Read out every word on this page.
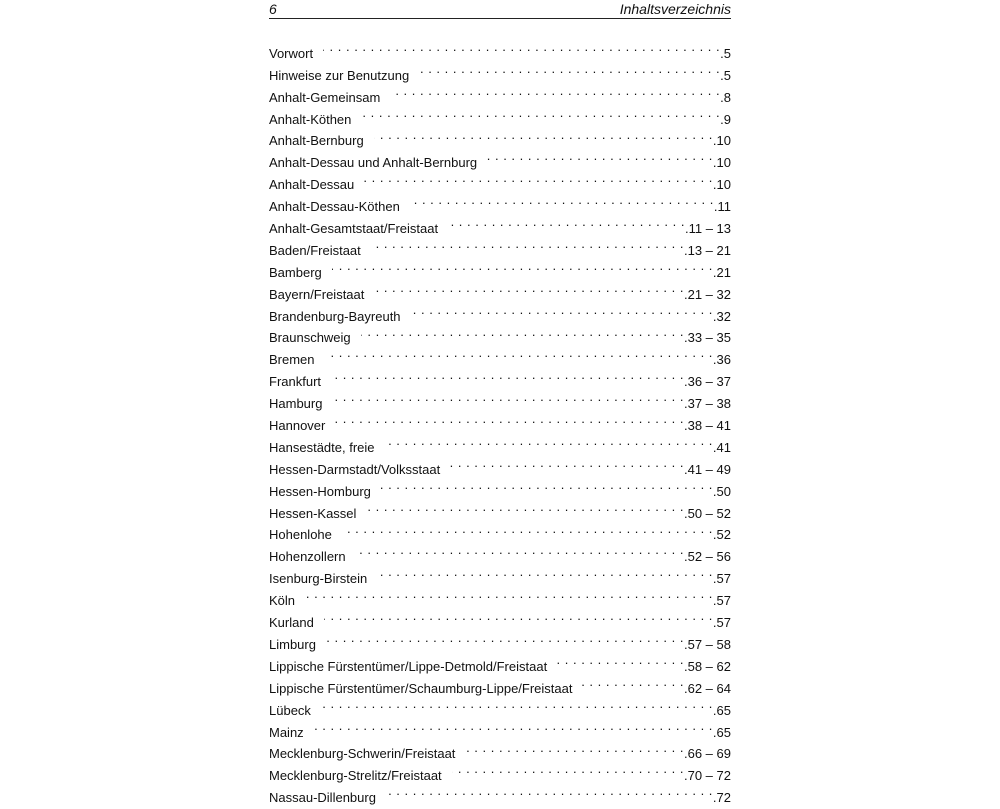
6	Inhaltsverzeichnis
Vorwort . . .	.5
Hinweise zur Benutzung . . .	.5
Anhalt-Gemeinsam . . .	.8
Anhalt-Köthen . . .	.9
Anhalt-Bernburg . . .	.10
Anhalt-Dessau und Anhalt-Bernburg . . .	.10
Anhalt-Dessau . . .	.10
Anhalt-Dessau-Köthen . . .	.11
Anhalt-Gesamtstaat/Freistaat . . .	.11 – 13
Baden/Freistaat . . .	.13 – 21
Bamberg . . .	.21
Bayern/Freistaat . . .	.21 – 32
Brandenburg-Bayreuth . . .	.32
Braunschweig . . .	.33 – 35
Bremen . . .	.36
Frankfurt . . .	.36 – 37
Hamburg . . .	.37 – 38
Hannover . . .	.38 – 41
Hansestädte, freie . . .	.41
Hessen-Darmstadt/Volksstaat . . .	.41 – 49
Hessen-Homburg . . .	.50
Hessen-Kassel . . .	.50 – 52
Hohenlohe . . .	.52
Hohenzollern . . .	.52 – 56
Isenburg-Birstein . . .	.57
Köln . . .	.57
Kurland . . .	.57
Limburg . . .	.57 – 58
Lippische Fürstentümer/Lippe-Detmold/Freistaat . . .	.58 – 62
Lippische Fürstentümer/Schaumburg-Lippe/Freistaat . . .	.62 – 64
Lübeck . . .	.65
Mainz . . .	.65
Mecklenburg-Schwerin/Freistaat . . .	.66 – 69
Mecklenburg-Strelitz/Freistaat . . .	.70 – 72
Nassau-Dillenburg . . .	.72
